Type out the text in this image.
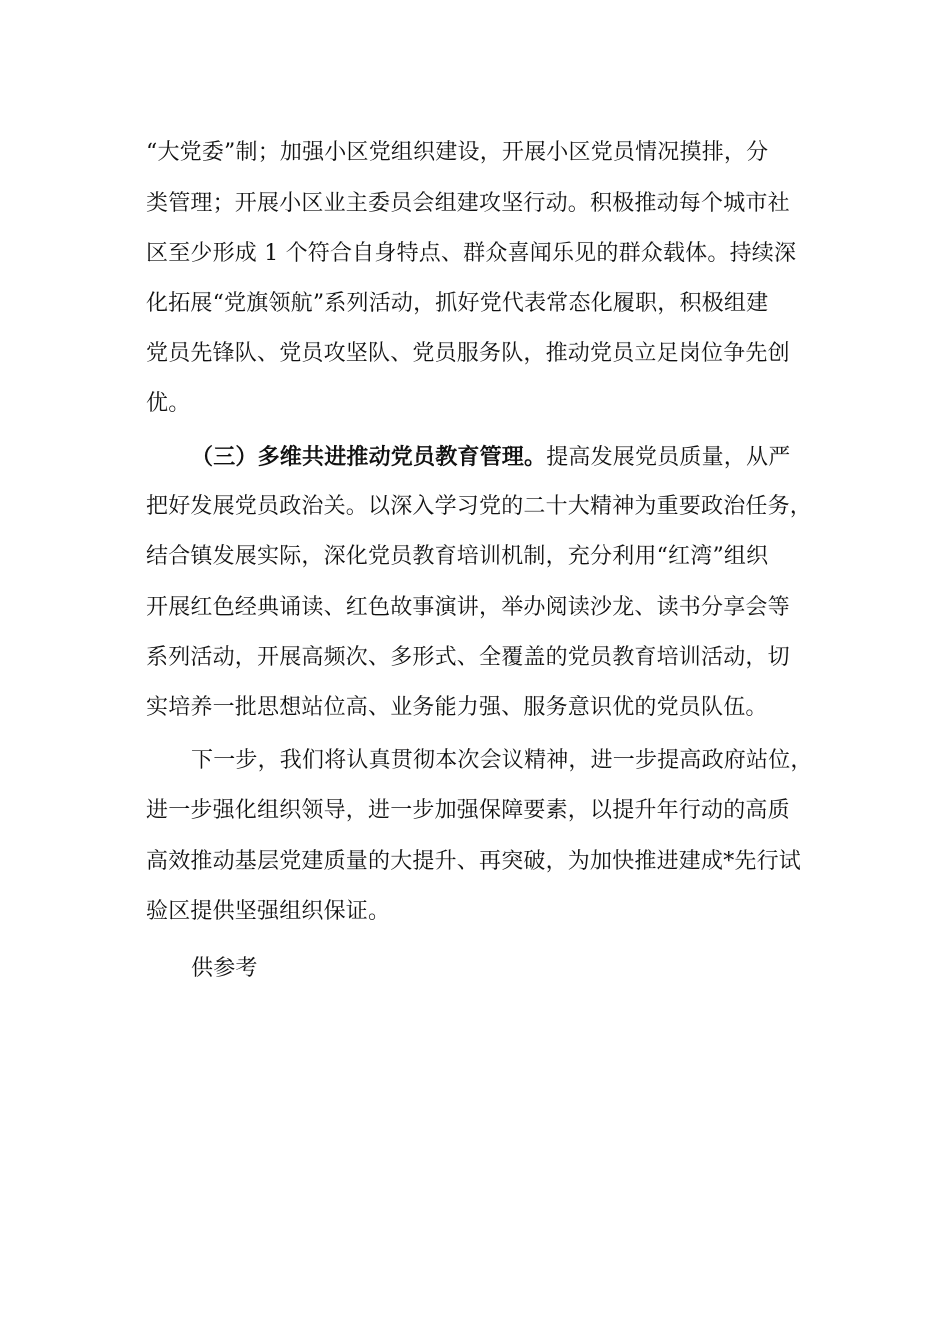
“大党委”制；加强小区党组织建设，开展小区党员情况摸排，分
类管理；开展小区业主委员会组建攻坚行动。积极推动每个城市社
区至少形成 1 个符合自身特点、群众喜闻乐见的群众载体。持续深
化拓展“党旗领航”系列活动，抓好党代表常态化履职，积极组建
党员先锋队、党员攻坚队、党员服务队，推动党员立足岗位争先创
优。
（三）多维共进推动党员教育管理。提高发展党员质量，从严
把好发展党员政治关。以深入学习党的二十大精神为重要政治任务，
结合镇发展实际，深化党员教育培训机制，充分利用“红湾”组织
开展红色经典诵读、红色故事演讲，举办阅读沙龙、读书分享会等
系列活动，开展高频次、多形式、全覆盖的党员教育培训活动，切
实培养一批思想站位高、业务能力强、服务意识优的党员队伍。
下一步，我们将认真贯彻本次会议精神，进一步提高政府站位，
进一步强化组织领导，进一步加强保障要素，以提升年行动的高质
高效推动基层党建质量的大提升、再突破，为加快推进建成*先行试
验区提供坚强组织保证。
供参考
